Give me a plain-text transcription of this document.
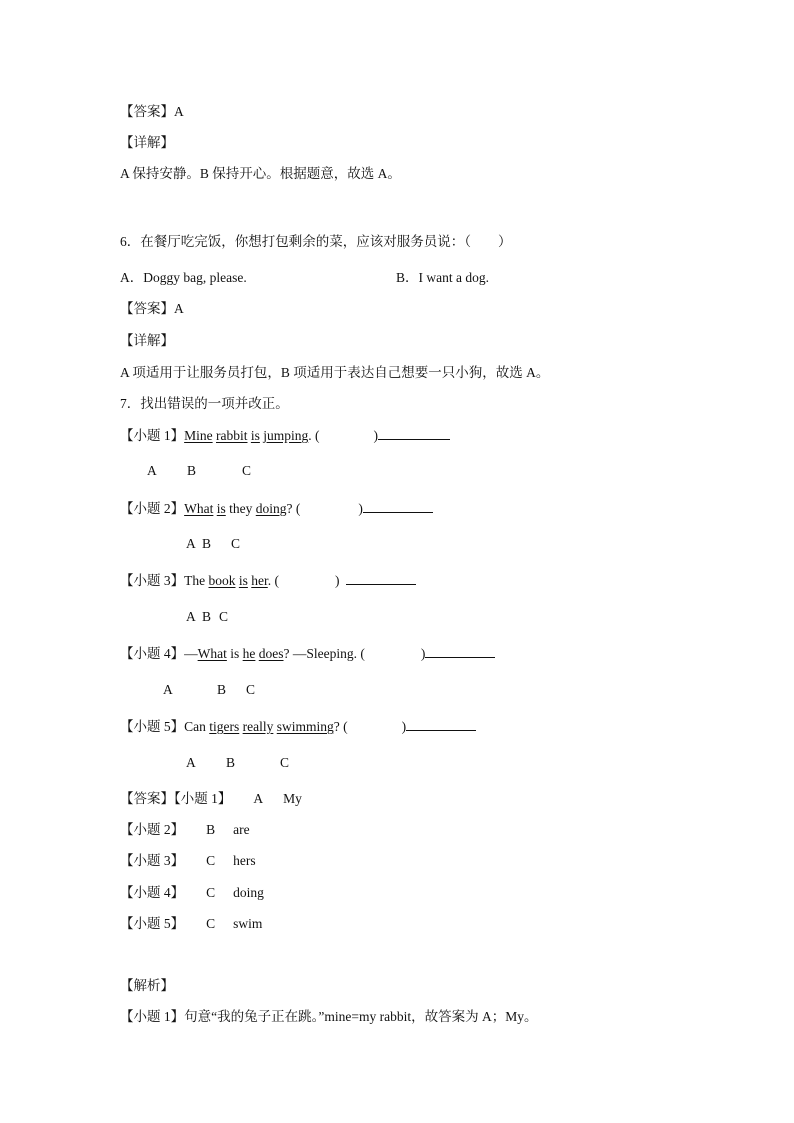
【答案】A
【详解】
A 保持安静。B 保持开心。根据题意，故选 A。
6．在餐厅吃完饭，你想打包剩余的菜，应该对服务员说：（　　）
A．Doggy bag, please.	B．I want a dog.
【答案】A
【详解】
A 项适用于让服务员打包，B 项适用于表达自己想要一只小狗，故选 A。
7．找出错误的一项并改正。
【小题 1】Mine rabbit is jumping. (	)
A B	C
【小题 2】What is they doing? (	)
A B C
【小题 3】The book is her. (	)
A B C
【小题 4】—What is he does? —Sleeping. (	)
A	B C
【小题 5】Can tigers really swimming? (	)
A B	C
【答案】【小题 1】 A My
【小题 2】 B are
【小题 3】 C hers
【小题 4】 C doing
【小题 5】 C swim
【解析】
【小题 1】句意“我的兔子正在跳。”mine=my rabbit，故答案为 A；My。
